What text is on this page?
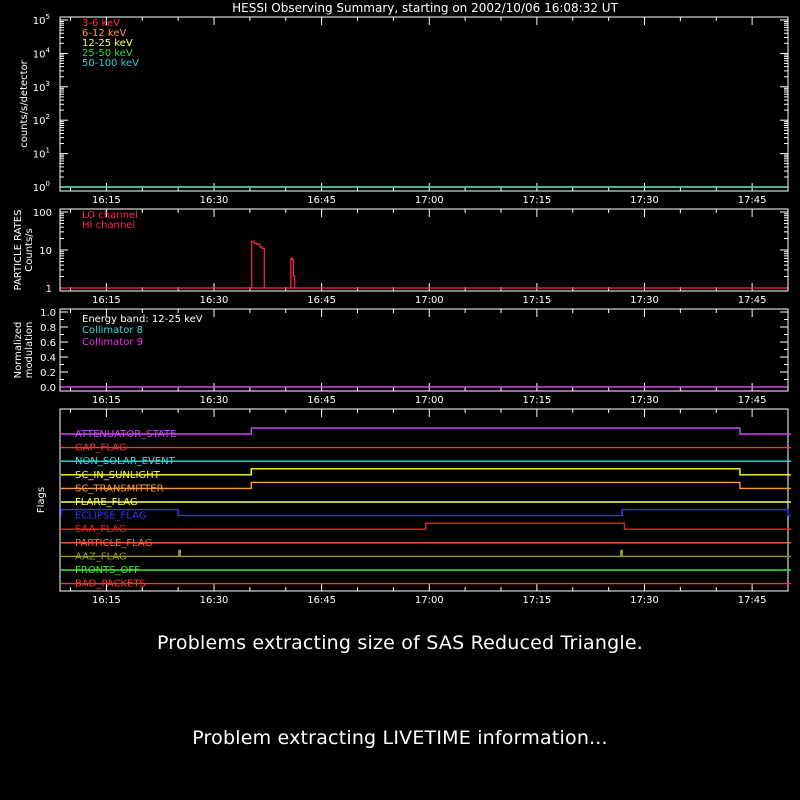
HESSI Observing Summary, starting on 2002/10/06 16:08:32 UT
counts/s/detector
$10^0$
$10^1$
$10^2$
$10^3$
$10^4$
$10^5$
16:15	16:30	16:45	17:00	17:15	17:30	17:45
3-6 keV
6-12 keV
12-25 keV
25-50 keV
50-100 keV
PARTICLE RATES Counts/s
1
10
100
16:15	16:30	16:45	17:00	17:15	17:30	17:45
LO channel
HI channel
Normalized modulation
Energy band: 12-25 keV
0.0
0.2
0.4
0.6
0.8
1.0
16:15	16:30	16:45	17:00	17:15	17:30	17:45
Collimator 8
Collimator 9
Flags
16:15	16:30	16:45	17:00	17:15	17:30	17:45
ATTENUATOR_STATE
GAP_FLAG
NON_SOLAR_EVENT
SC_IN_SUNLIGHT
SC_TRANSMITTER
FLARE_FLAG
ECLIPSE_FLAG
SAA_FLAG
PARTICLE_FLAG
AAZ_FLAG
FRONTS_OFF
BAD_PACKETS
Problems extracting size of SAS Reduced Triangle.
Problem extracting LIVETIME information...
